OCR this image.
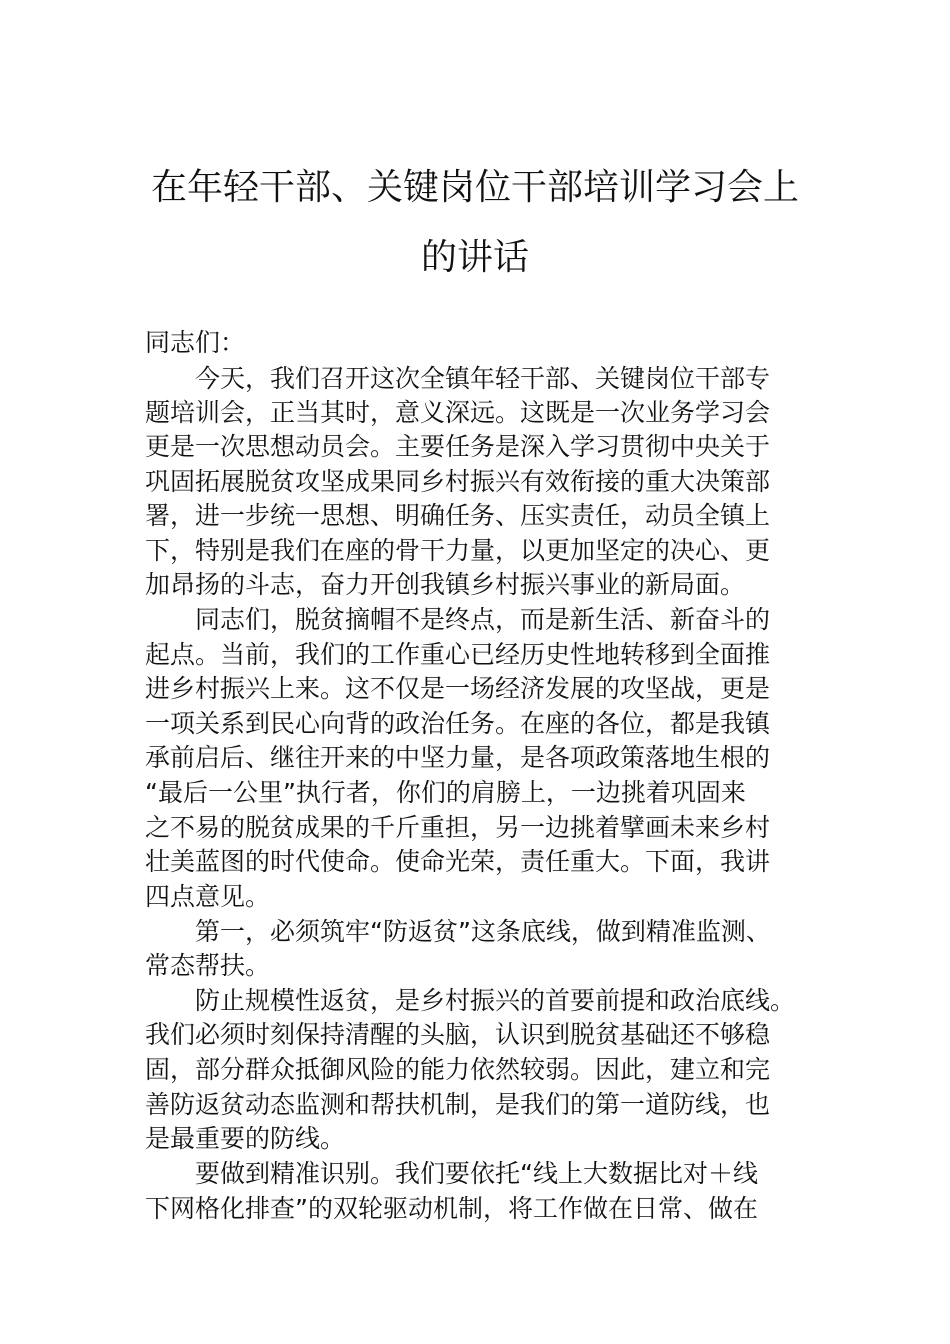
在年轻干部、关键岗位干部培训学习会上
的讲话
同志们：
今天，我们召开这次全镇年轻干部、关键岗位干部专
题培训会，正当其时，意义深远。这既是一次业务学习会
更是一次思想动员会。主要任务是深入学习贯彻中央关于
巩固拓展脱贫攻坚成果同乡村振兴有效衔接的重大决策部
署，进一步统一思想、明确任务、压实责任，动员全镇上
下，特别是我们在座的骨干力量，以更加坚定的决心、更
加昂扬的斗志，奋力开创我镇乡村振兴事业的新局面。
同志们，脱贫摘帽不是终点，而是新生活、新奋斗的
起点。当前，我们的工作重心已经历史性地转移到全面推
进乡村振兴上来。这不仅是一场经济发展的攻坚战，更是
一项关系到民心向背的政治任务。在座的各位，都是我镇
承前启后、继往开来的中坚力量，是各项政策落地生根的
“最后一公里”执行者，你们的肩膀上，一边挑着巩固来
之不易的脱贫成果的千斤重担，另一边挑着擘画未来乡村
壮美蓝图的时代使命。使命光荣，责任重大。下面，我讲
四点意见。
第一，必须筑牢“防返贫”这条底线，做到精准监测、
常态帮扶。
防止规模性返贫，是乡村振兴的首要前提和政治底线。
我们必须时刻保持清醒的头脑，认识到脱贫基础还不够稳
固，部分群众抵御风险的能力依然较弱。因此，建立和完
善防返贫动态监测和帮扶机制，是我们的第一道防线，也
是最重要的防线。
要做到精准识别。我们要依托“线上大数据比对＋线
下网格化排查”的双轮驱动机制，将工作做在日常、做在
